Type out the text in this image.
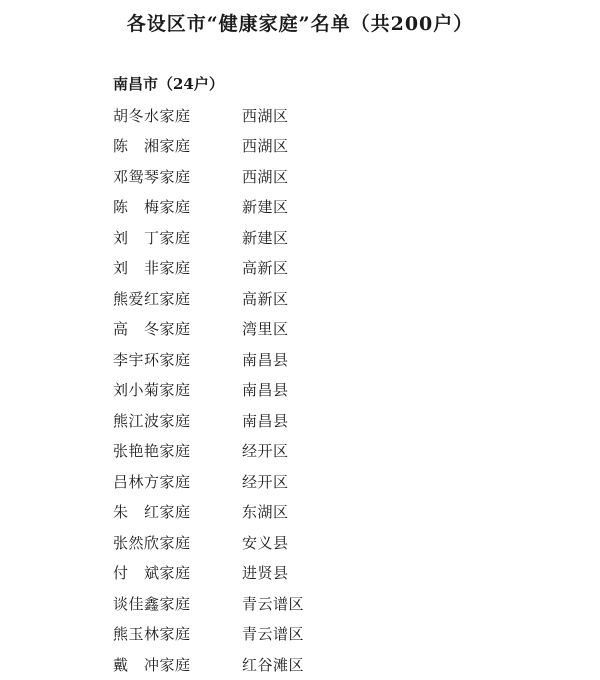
各设区市“健康家庭”名单（共200户）
南昌市（24户）
胡冬水家庭	西湖区
陈　湘家庭	西湖区
邓鸳琴家庭	西湖区
陈　梅家庭	新建区
刘　丁家庭	新建区
刘　非家庭	高新区
熊爱红家庭	高新区
高　冬家庭	湾里区
李宇环家庭	南昌县
刘小菊家庭	南昌县
熊江波家庭	南昌县
张艳艳家庭	经开区
吕林方家庭	经开区
朱　红家庭	东湖区
张然欣家庭	安义县
付　斌家庭	进贤县
谈佳鑫家庭	青云谱区
熊玉林家庭	青云谱区
戴　冲家庭	红谷滩区
